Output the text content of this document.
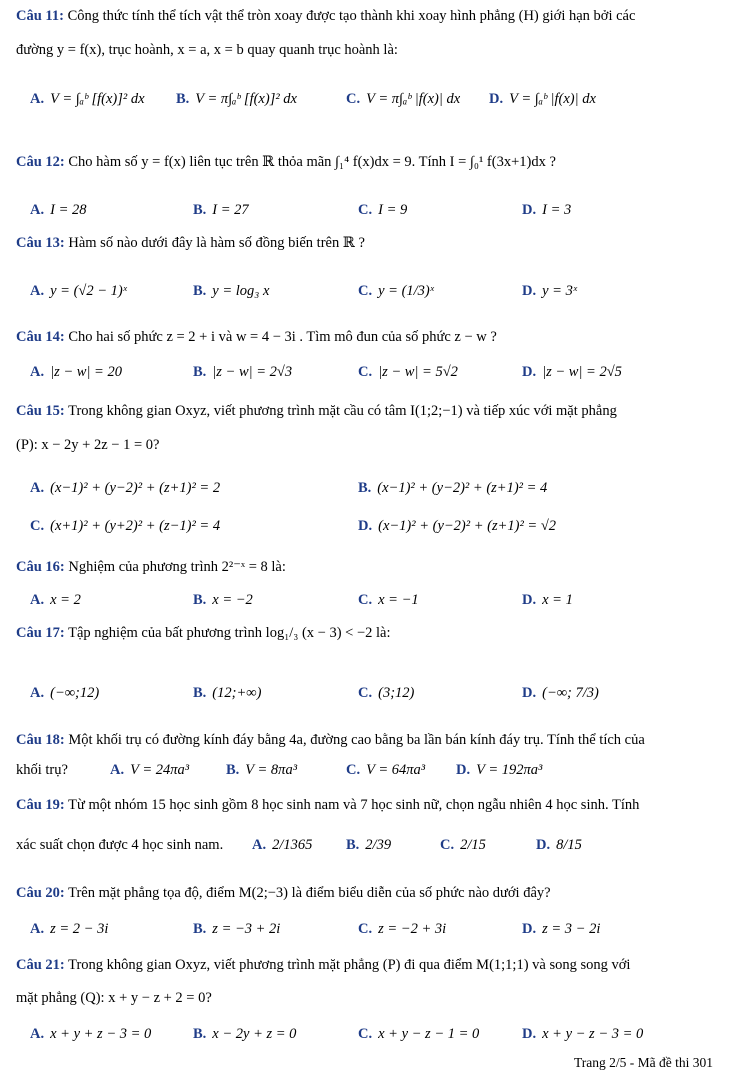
Câu 11: Công thức tính thể tích vật thể tròn xoay được tạo thành khi xoay hình phẳng (H) giới hạn bởi các
đường y = f(x), trục hoành, x = a, x = b quay quanh trục hoành là:
A. V = ∫ₐᵇ [f(x)]² dx B. V = π∫ₐᵇ [f(x)]² dx	C. V = π∫ₐᵇ |f(x)| dx D. V = ∫ₐᵇ |f(x)| dx
Câu 12: Cho hàm số y = f(x) liên tục trên ℝ thỏa mãn ∫₁⁴ f(x)dx = 9. Tính I = ∫₀¹ f(3x+1)dx ?
A. I = 28	B. I = 27	C. I = 9	D. I = 3
Câu 13: Hàm số nào dưới đây là hàm số đồng biến trên ℝ ?
A. y = (√2 − 1)ˣ	B. y = log₃ x	C. y = (1/3)ˣ	D. y = 3ˣ
Câu 14: Cho hai số phức z = 2 + i và w = 4 − 3i . Tìm mô đun của số phức z − w ?
A. |z − w| = 20	B. |z − w| = 2√3	C. |z − w| = 5√2	D. |z − w| = 2√5
Câu 15: Trong không gian Oxyz, viết phương trình mặt cầu có tâm I(1;2;−1) và tiếp xúc với mặt phẳng
(P): x − 2y + 2z − 1 = 0?
A. (x−1)² + (y−2)² + (z+1)² = 2	B. (x−1)² + (y−2)² + (z+1)² = 4
C. (x+1)² + (y+2)² + (z−1)² = 4	D. (x−1)² + (y−2)² + (z+1)² = √2
Câu 16: Nghiệm của phương trình 2²⁻ˣ = 8 là:
A. x = 2	B. x = −2	C. x = −1	D. x = 1
Câu 17: Tập nghiệm của bất phương trình log₁/₃ (x − 3) < −2 là:
A. (−∞;12)	B. (12;+∞)	C. (3;12)	D. (−∞; 7/3)
Câu 18: Một khối trụ có đường kính đáy bằng 4a, đường cao bằng ba lần bán kính đáy trụ. Tính thể tích của
khối trụ?	A. V = 24πa³	B. V = 8πa³	C. V = 64πa³ D. V = 192πa³
Câu 19: Từ một nhóm 15 học sinh gồm 8 học sinh nam và 7 học sinh nữ, chọn ngẫu nhiên 4 học sinh. Tính
xác suất chọn được 4 học sinh nam.	A. 2/1365 B. 2/39	C. 2/15	D. 8/15
Câu 20: Trên mặt phẳng tọa độ, điểm M(2;−3) là điểm biểu diễn của số phức nào dưới đây?
A. z = 2 − 3i	B. z = −3 + 2i	C. z = −2 + 3i	D. z = 3 − 2i
Câu 21: Trong không gian Oxyz, viết phương trình mặt phẳng (P) đi qua điểm M(1;1;1) và song song với
mặt phẳng (Q): x + y − z + 2 = 0?
A. x + y + z − 3 = 0	B. x − 2y + z = 0	C. x + y − z − 1 = 0	D. x + y − z − 3 = 0
Trang 2/5 - Mã đề thi 301
